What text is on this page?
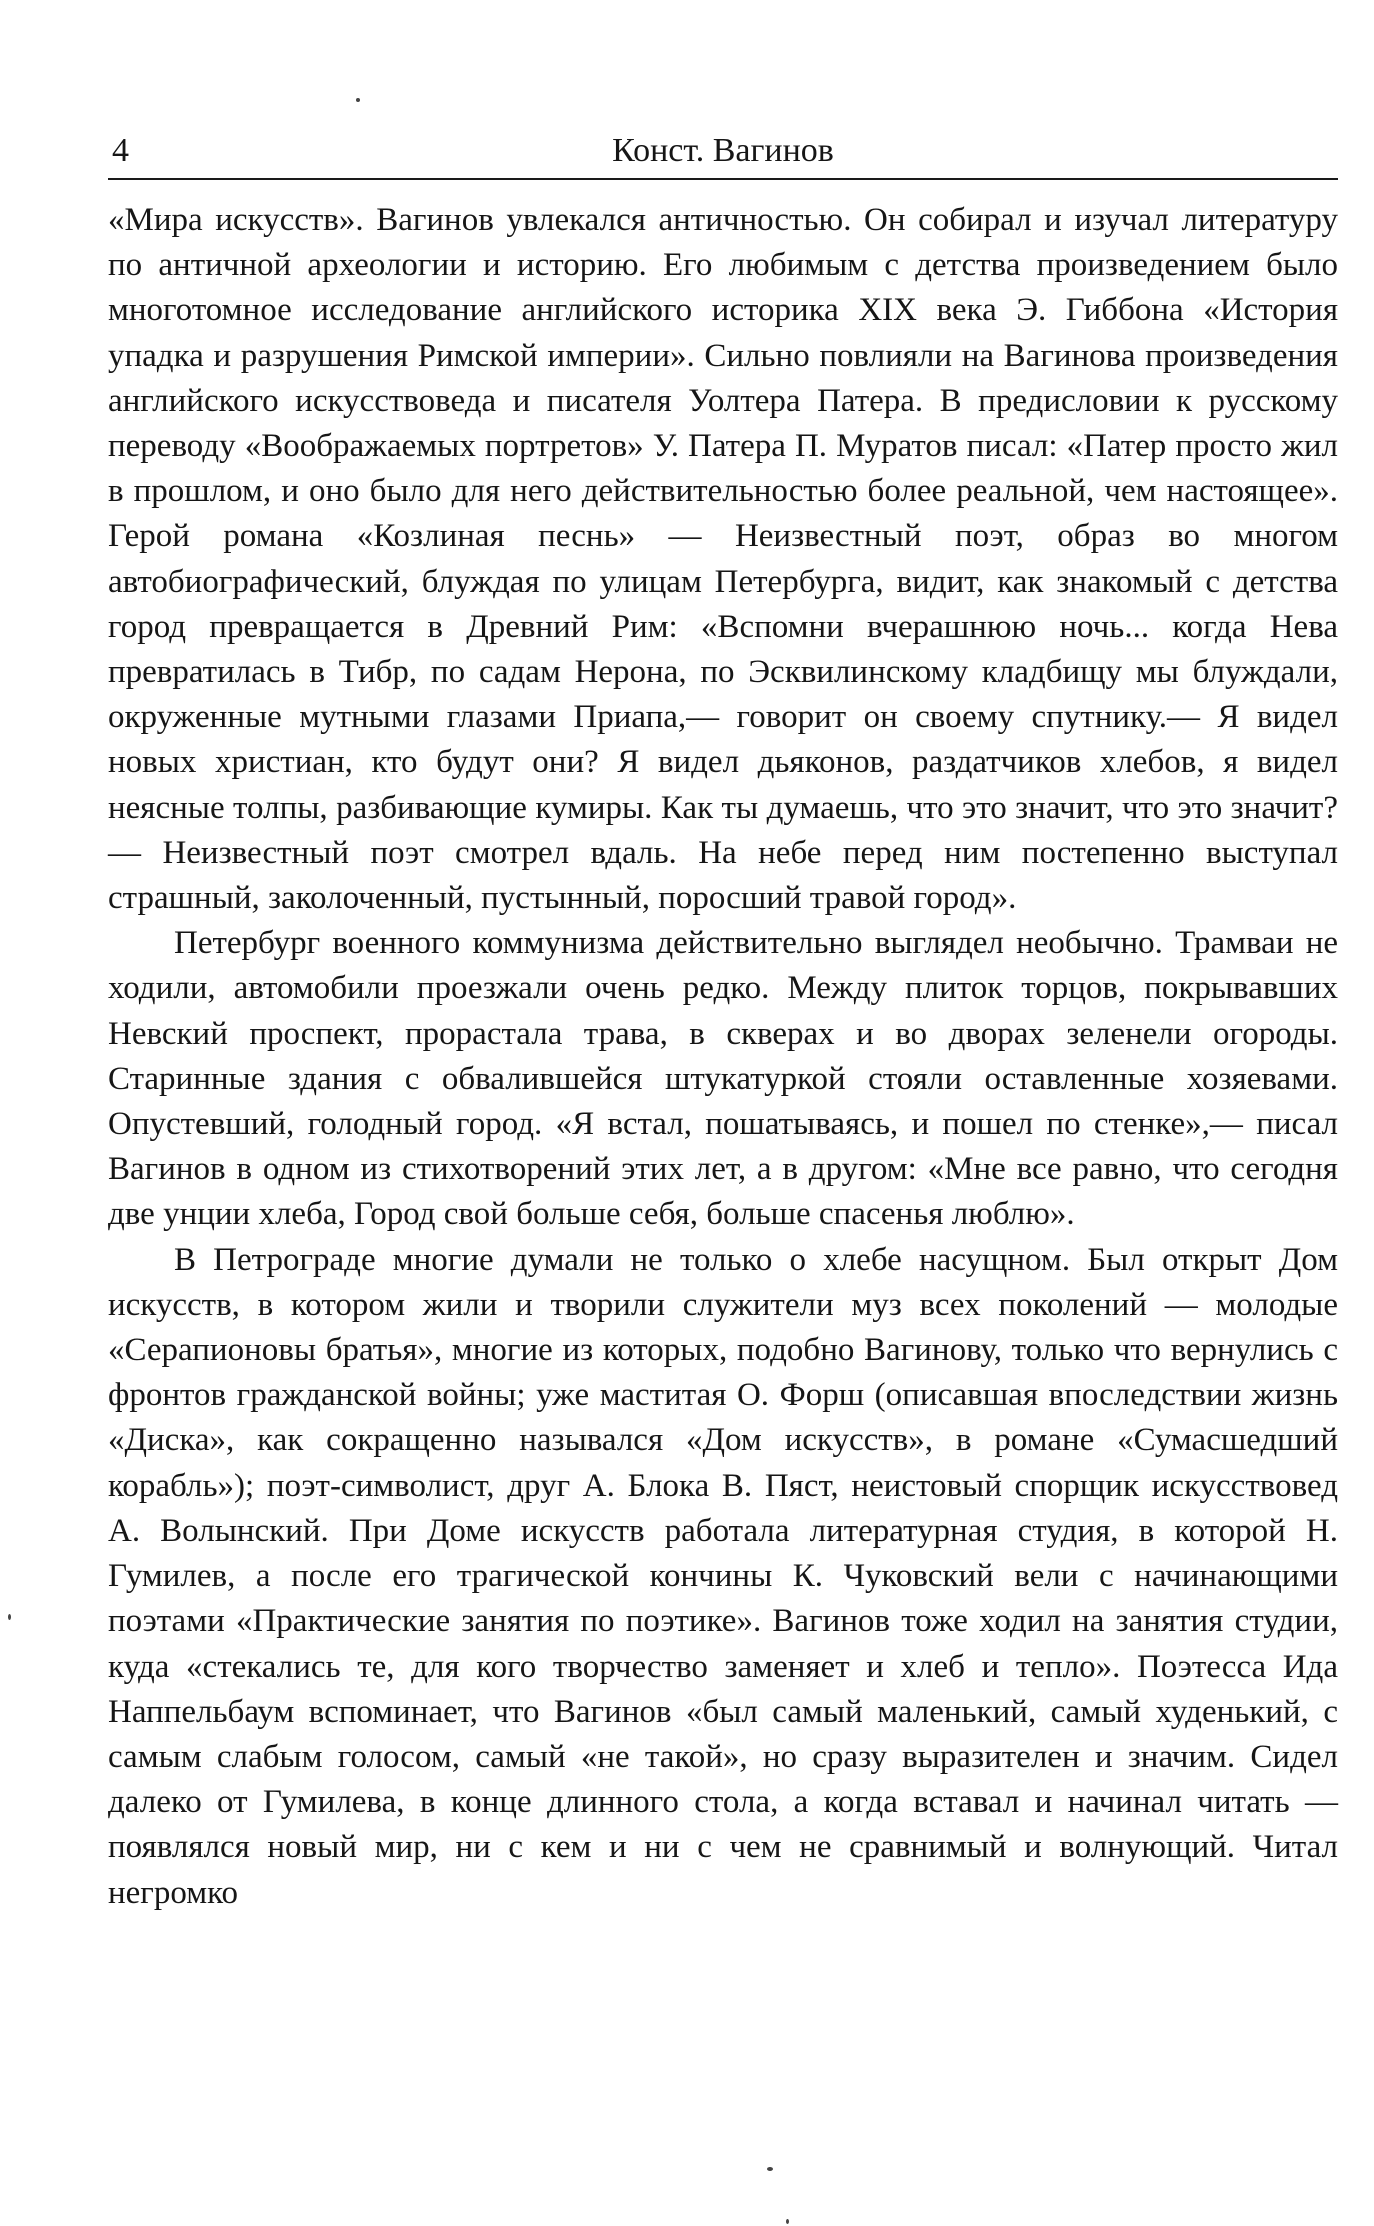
4	Конст. Вагинов

«Мира искусств». Вагинов увлекался античностью. Он собирал и изучал литературу по античной археологии и историю. Его любимым с детства произведением было многотомное исследование английского историка XIX века Э. Гиббона «История упадка и разрушения Римской империи». Сильно повлияли на Вагинова произведения английского искусствоведа и писателя Уолтера Патера. В предисловии к русскому переводу «Воображаемых портретов» У. Патера П. Муратов писал: «Патер просто жил в прошлом, и оно было для него действительностью более реальной, чем настоящее». Герой романа «Козлиная песнь» — Неизвестный поэт, образ во многом автобиографический, блуждая по улицам Петербурга, видит, как знакомый с детства город превращается в Древний Рим: «Вспомни вчерашнюю ночь... когда Нева превратилась в Тибр, по садам Нерона, по Эсквилинскому кладбищу мы блуждали, окруженные мутными глазами Приапа,— говорит он своему спутнику.— Я видел новых христиан, кто будут они? Я видел дьяконов, раздатчиков хлебов, я видел неясные толпы, разбивающие кумиры. Как ты думаешь, что это значит, что это значит? — Неизвестный поэт смотрел вдаль. На небе перед ним постепенно выступал страшный, заколоченный, пустынный, поросший травой город».

Петербург военного коммунизма действительно выглядел необычно. Трамваи не ходили, автомобили проезжали очень редко. Между плиток торцов, покрывавших Невский проспект, прорастала трава, в скверах и во дворах зеленели огороды. Старинные здания с обвалившейся штукатуркой стояли оставленные хозяевами. Опустевший, голодный город. «Я встал, пошатываясь, и пошел по стенке»,— писал Вагинов в одном из стихотворений этих лет, а в другом: «Мне все равно, что сегодня две унции хлеба, Город свой больше себя, больше спасенья люблю».

В Петрограде многие думали не только о хлебе насущном. Был открыт Дом искусств, в котором жили и творили служители муз всех поколений — молодые «Серапионовы братья», многие из которых, подобно Вагинову, только что вернулись с фронтов гражданской войны; уже маститая О. Форш (описавшая впоследствии жизнь «Диска», как сокращенно назывался «Дом искусств», в романе «Сумасшедший корабль»); поэт-символист, друг А. Блока В. Пяст, неистовый спорщик искусствовед А. Волынский. При Доме искусств работала литературная студия, в которой Н. Гумилев, а после его трагической кончины К. Чуковский вели с начинающими поэтами «Практические занятия по поэтике». Вагинов тоже ходил на занятия студии, куда «стекались те, для кого творчество заменяет и хлеб и тепло». Поэтесса Ида Наппельбаум вспоминает, что Вагинов «был самый маленький, самый худенький, с самым слабым голосом, самый «не такой», но сразу выразителен и значим. Сидел далеко от Гумилева, в конце длинного стола, а когда вставал и начинал читать — появлялся новый мир, ни с кем и ни с чем не сравнимый и волнующий. Читал негромко
